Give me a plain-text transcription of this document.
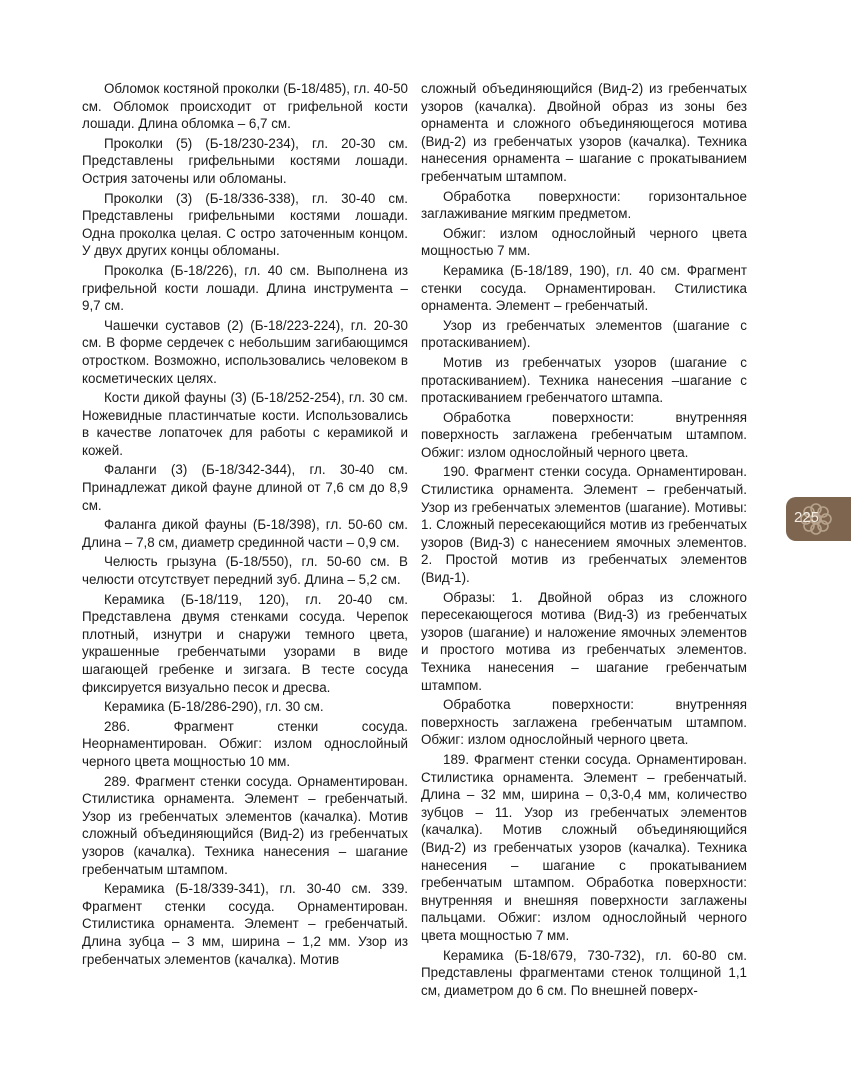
Обломок костяной проколки (Б-18/485), гл. 40-50 см. Обломок происходит от грифельной кости лошади. Длина обломка – 6,7 см.

Проколки (5) (Б-18/230-234), гл. 20-30 см. Представлены грифельными костями лошади. Острия заточены или обломаны.

Проколки (3) (Б-18/336-338), гл. 30-40 см. Представлены грифельными костями лошади. Одна проколка целая. С остро заточенным концом. У двух других концы обломаны.

Проколка (Б-18/226), гл. 40 см. Выполнена из грифельной кости лошади. Длина инструмента – 9,7 см.

Чашечки суставов (2) (Б-18/223-224), гл. 20-30 см. В форме сердечек с небольшим загибающимся отростком. Возможно, использовались человеком в косметических целях.

Кости дикой фауны (3) (Б-18/252-254), гл. 30 см. Ножевидные пластинчатые кости. Использовались в качестве лопаточек для работы с керамикой и кожей.

Фаланги (3) (Б-18/342-344), гл. 30-40 см. Принадлежат дикой фауне длиной от 7,6 см до 8,9 см.

Фаланга дикой фауны (Б-18/398), гл. 50-60 см. Длина – 7,8 см, диаметр срединной части – 0,9 см.

Челюсть грызуна (Б-18/550), гл. 50-60 см. В челюсти отсутствует передний зуб. Длина – 5,2 см.

Керамика (Б-18/119, 120), гл. 20-40 см. Представлена двумя стенками сосуда. Черепок плотный, изнутри и снаружи темного цвета, украшенные гребенчатыми узорами в виде шагающей гребенке и зигзага. В тесте сосуда фиксируется визуально песок и дресва.

Керамика (Б-18/286-290), гл. 30 см.

286. Фрагмент стенки сосуда. Неорнаментирован. Обжиг: излом однослойный черного цвета мощностью 10 мм.

289. Фрагмент стенки сосуда. Орнаментирован. Стилистика орнамента. Элемент – гребенчатый. Узор из гребенчатых элементов (качалка). Мотив сложный объединяющийся (Вид-2) из гребенчатых узоров (качалка). Техника нанесения – шагание гребенчатым штампом.

Керамика (Б-18/339-341), гл. 30-40 см. 339. Фрагмент стенки сосуда. Орнаментирован. Стилистика орнамента. Элемент – гребенчатый. Длина зубца – 3 мм, ширина – 1,2 мм. Узор из гребенчатых элементов (качалка). Мотив

сложный объединяющийся (Вид-2) из гребенчатых узоров (качалка). Двойной образ из зоны без орнамента и сложного объединяющегося мотива (Вид-2) из гребенчатых узоров (качалка). Техника нанесения орнамента – шагание с прокатыванием гребенчатым штампом.

Обработка поверхности: горизонтальное заглаживание мягким предметом.

Обжиг: излом однослойный черного цвета мощностью 7 мм.

Керамика (Б-18/189, 190), гл. 40 см. Фрагмент стенки сосуда. Орнаментирован. Стилистика орнамента. Элемент – гребенчатый.

Узор из гребенчатых элементов (шагание с протаскиванием).

Мотив из гребенчатых узоров (шагание с протаскиванием). Техника нанесения –шагание с протаскиванием гребенчатого штампа.

Обработка поверхности: внутренняя поверхность заглажена гребенчатым штампом. Обжиг: излом однослойный черного цвета.

190. Фрагмент стенки сосуда. Орнаментирован. Стилистика орнамента. Элемент – гребенчатый. Узор из гребенчатых элементов (шагание). Мотивы: 1. Сложный пересекающийся мотив из гребенчатых узоров (Вид-3) с нанесением ямочных элементов. 2. Простой мотив из гребенчатых элементов (Вид-1).

Образы: 1. Двойной образ из сложного пересекающегося мотива (Вид-3) из гребенчатых узоров (шагание) и наложение ямочных элементов и простого мотива из гребенчатых элементов. Техника нанесения – шагание гребенчатым штампом.

Обработка поверхности: внутренняя поверхность заглажена гребенчатым штампом. Обжиг: излом однослойный черного цвета.

189. Фрагмент стенки сосуда. Орнаментирован. Стилистика орнамента. Элемент – гребенчатый. Длина – 32 мм, ширина – 0,3-0,4 мм, количество зубцов – 11. Узор из гребенчатых элементов (качалка). Мотив сложный объединяющийся (Вид-2) из гребенчатых узоров (качалка). Техника нанесения – шагание с прокатыванием гребенчатым штампом. Обработка поверхности: внутренняя и внешняя поверхности заглажены пальцами. Обжиг: излом однослойный черного цвета мощностью 7 мм.

Керамика (Б-18/679, 730-732), гл. 60-80 см. Представлены фрагментами стенок толщиной 1,1 см, диаметром до 6 см. По внешней поверх-

225
